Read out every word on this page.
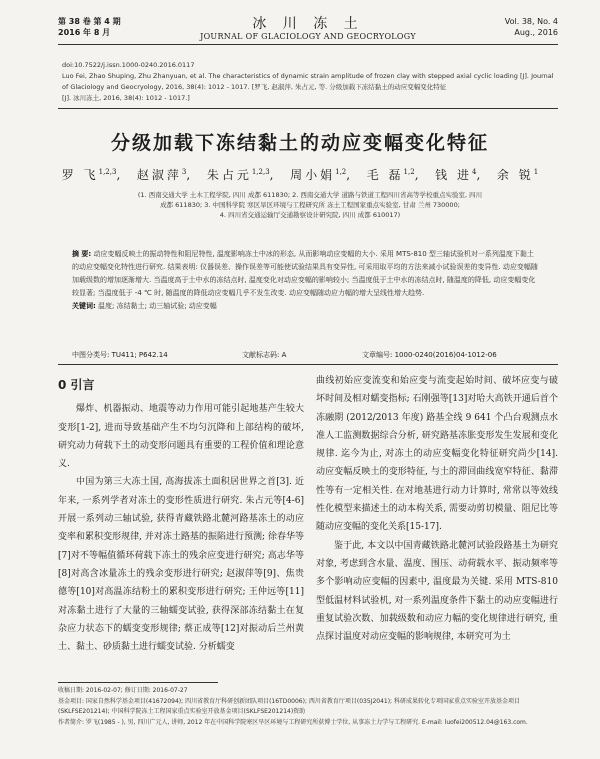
第 38 卷 第 4 期
2016 年 8 月
冰 川 冻 土
JOURNAL OF GLACIOLOGY AND GEOCRYOLOGY
Vol. 38, No. 4
Aug., 2016
doi:10.7522/j.issn.1000-0240.2016.0117
Luo Fei, Zhao Shuping, Zhu Zhanyuan, et al. The characteristics of dynamic strain amplitude of frozen clay with stepped axial cyclic loading [J]. Journal of Glaciology and Geocryology, 2016, 38(4): 1012 - 1017. [罗飞, 赵淑萍, 朱占元, 等. 分级加载下冻结黏土的动应变幅变化特征
[J]. 冰川冻土, 2016, 38(4): 1012 - 1017.]
分级加载下冻结黏土的动应变幅变化特征
罗 飞$^{1,2,3}$,  赵淑萍$^3$,  朱占元$^{1,2,3}$,  周小娟$^{1,2}$,  毛 磊$^{1,2}$,  钱 进$^4$,  余 锐$^1$
(1. 西南交通大学 土木工程学院, 四川 成都 611830; 2. 西南交通大学 道路与铁道工程四川省高等学校重点实验室, 四川
成都 611830; 3. 中国科学院 寒区旱区环境与工程研究所 冻土工程国家重点实验室, 甘肃 兰州 730000;
4. 四川省交通运输厅交通勘察设计研究院, 四川 成都 610017)
摘 要: 动应变幅反映土的振动特性和阻尼特性, 温度影响冻土中冰的形态, 从而影响动应变幅的大小. 采用 MTS-810 型三轴试验机对一系列温度下黏土的动应变幅变化特性进行研究. 结果表明: 仪器误差、操作误差等可能使试验结果具有变异性, 可采用取平均的方法来减小试验误差的变异性. 动应变幅随加载级数的增加逐渐增大. 当温度高于土中水的冻结点时, 温度变化对动应变幅的影响较小; 当温度低于土中水的冻结点时, 随温度的降低, 动应变幅变化较显著; 当温度低于 -4 ℃ 时, 随温度的降低动应变幅几乎不发生改变. 动应变幅随动应力幅的增大呈线性增大趋势.
关键词: 温度; 冻结黏土; 动三轴试验; 动应变幅
中图分类号: TU411; P642.14	文献标志码: A	文章编号: 1000-0240(2016)04-1012-06
0 引言

爆炸、机器振动、地震等动力作用可能引起地基产生较大变形[1-2], 进而导致基础产生不均匀沉降和上部结构的破坏, 研究动力荷载下土的动变形问题具有重要的工程价值和理论意义.

中国为第三大冻土国, 高海拔冻土面积居世界之首[3]. 近年来, 一系列学者对冻土的变形性质进行研究. 朱占元等[4-6]开展一系列动三轴试验, 获得青藏铁路北麓河路基冻土的动应变率和累积变形规律, 并对冻土路基的振陷进行预测; 徐春华等[7]对不等幅值循环荷载下冻土的残余应变进行研究; 高志华等[8]对高含冰量冻土的残余变形进行研究; 赵淑萍等[9]、焦贵德等[10]对高温冻结粉土的累积变形进行研究; 王仲远等[11]对冻黏土进行了大量的三轴蠕变试验, 获得深部冻结黏土在复杂应力状态下的蠕变变形规律; 蔡正成等[12]对振动后兰州黄土、黏土、砂质黏土进行蠕变试验. 分析蠕变

曲线初始应变流变和始应变与流变起始时间、破坏应变与破坏时间及相对蠕变指标; 石刚强等[13]对哈大高铁开通后首个冻融期 (2012/2013 年度) 路基全线 9 641 个凸台观测点水准人工监测数据综合分析, 研究路基冻胀变形发生发展和变化规律. 迄今为止, 对冻土的动应变幅变化特征研究尚少[14]. 动应变幅反映土的变形特征, 与土的滞回曲线宽窄特征、黏滞性等有一定相关性. 在对地基进行动力计算时, 常常以等效线性化模型来描述土的动本构关系, 需要动剪切模量、阻尼比等随动应变幅的变化关系[15-17].

鉴于此, 本文以中国青藏铁路北麓河试验段路基土为研究对象, 考虑到含水量、温度、围压、动荷载水平、振动频率等多个影响动应变幅的因素中, 温度最为关键. 采用 MTS-810 型低温材料试验机, 对一系列温度条件下黏土的动应变幅进行重复试验次数、加载级数和动应力幅的变化规律进行研究, 重点探讨温度对动应变幅的影响规律, 本研究可为土

收稿日期: 2016-02-07; 修订日期: 2016-07-27
基金项目: 国家自然科学基金项目(41672094); 四川省教育厅科研创新团队项目(16TD0006); 西川省教育厅项目(035J2041); 科研成果转化专项国家重点实验室开放基金项目(SKLFSE201214); 中国科学院冻土工程国家重点实验室开放基金项目(SKLFSE201214)资助
作者简介: 罗飞(1985 - ), 男, 四川广元人, 讲师, 2012 年在中国科学院寒区旱区环境与工程研究所获博士学位, 从事冻土力学与工程研究. E-mail: luofei200512.04@163.com.
